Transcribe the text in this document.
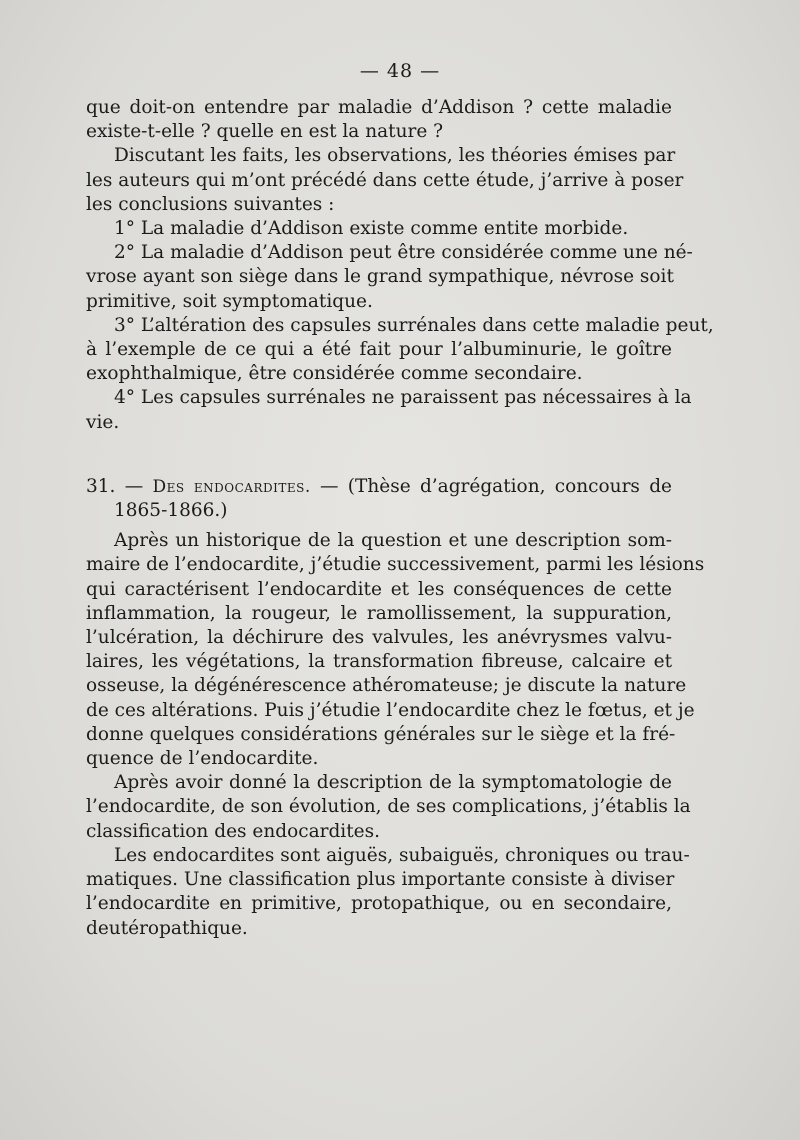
— 48 —
que doit-on entendre par maladie d’Addison ? cette maladie
existe-t-elle ? quelle en est la nature ?
Discutant les faits, les observations, les théories émises par
les auteurs qui m’ont précédé dans cette étude, j’arrive à poser
les conclusions suivantes :
1° La maladie d’Addison existe comme entite morbide.
2° La maladie d’Addison peut être considérée comme une né-
vrose ayant son siège dans le grand sympathique, névrose soit
primitive, soit symptomatique.
3° L’altération des capsules surrénales dans cette maladie peut,
à l’exemple de ce qui a été fait pour l’albuminurie, le goître
exophthalmique, être considérée comme secondaire.
4° Les capsules surrénales ne paraissent pas nécessaires à la
vie.
31. — Des endocardites. — (Thèse d’agrégation, concours de
1865-1866.)
Après un historique de la question et une description som-
maire de l’endocardite, j’étudie successivement, parmi les lésions
qui caractérisent l’endocardite et les conséquences de cette
inflammation, la rougeur, le ramollissement, la suppuration,
l’ulcération, la déchirure des valvules, les anévrysmes valvu-
laires, les végétations, la transformation fibreuse, calcaire et
osseuse, la dégénérescence athéromateuse; je discute la nature
de ces altérations. Puis j’étudie l’endocardite chez le fœtus, et je
donne quelques considérations générales sur le siège et la fré-
quence de l’endocardite.
Après avoir donné la description de la symptomatologie de
l’endocardite, de son évolution, de ses complications, j’établis la
classification des endocardites.
Les endocardites sont aiguës, subaiguës, chroniques ou trau-
matiques. Une classification plus importante consiste à diviser
l’endocardite en primitive, protopathique, ou en secondaire,
deutéropathique.
